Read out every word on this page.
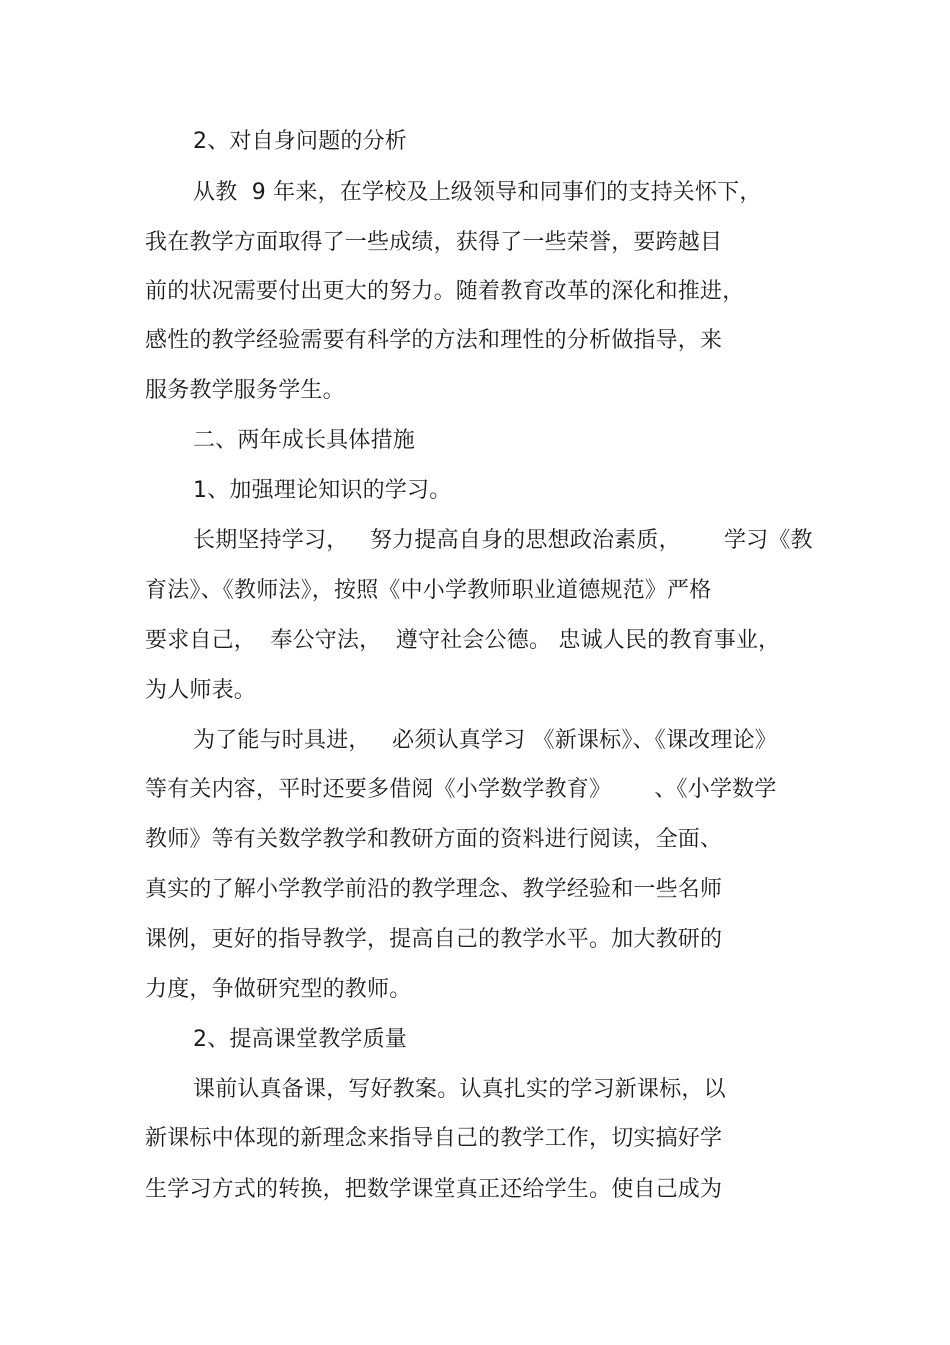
2、对自身问题的分析

从教  9 年来，在学校及上级领导和同事们的支持关怀下，

我在教学方面取得了一些成绩，获得了一些荣誉，要跨越目

前的状况需要付出更大的努力。随着教育改革的深化和推进，

感性的教学经验需要有科学的方法和理性的分析做指导，来

服务教学服务学生。

二、两年成长具体措施

1、加强理论知识的学习。

长期坚持学习，   努力提高自身的思想政治素质，      学习《教

育法》、《教师法》，按照《中小学教师职业道德规范》严格

要求自己，  奉公守法，  遵守社会公德。 忠诚人民的教育事业，

为人师表。

为了能与时具进，   必须认真学习 《新课标》、《课改理论》

等有关内容，平时还要多借阅《小学数学教育》      、《小学数学

教师》等有关数学教学和教研方面的资料进行阅读，全面、

真实的了解小学教学前沿的教学理念、教学经验和一些名师

课例，更好的指导教学，提高自己的教学水平。加大教研的

力度，争做研究型的教师。

2、提高课堂教学质量

课前认真备课，写好教案。认真扎实的学习新课标，以

新课标中体现的新理念来指导自己的教学工作，切实搞好学

生学习方式的转换，把数学课堂真正还给学生。使自己成为
